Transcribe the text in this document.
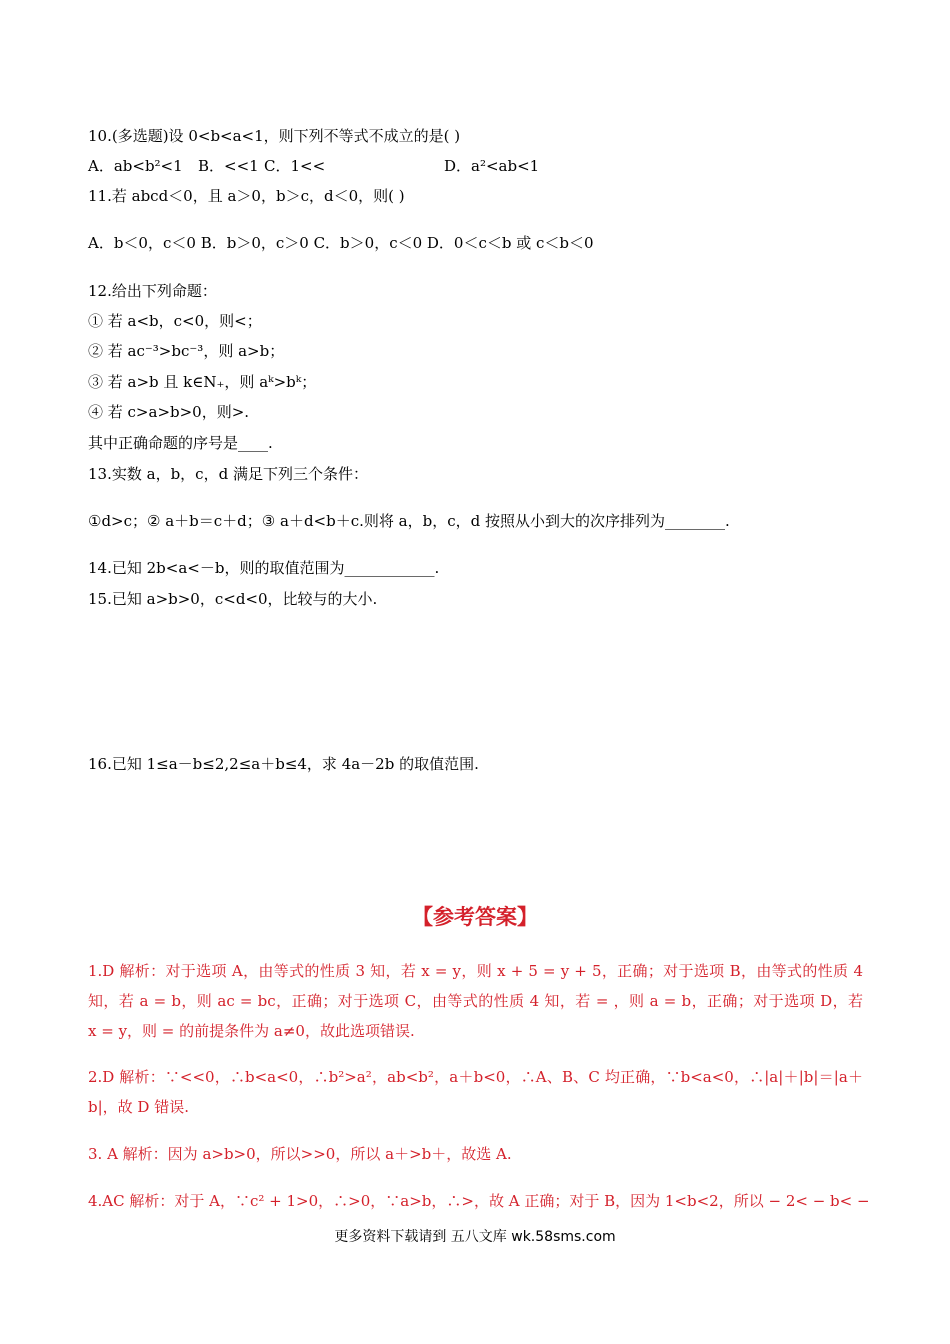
10.(多选题)设 0<b<a<1，则下列不等式不成立的是( )
A．ab<b²<1 B．<<1 C．1<<	D．a²<ab<1
11.若 abcd＜0，且 a＞0，b＞c，d＜0，则( )
A．b＜0，c＜0 B．b＞0，c＞0 C．b＞0，c＜0 D．0＜c＜b 或 c＜b＜0
12.给出下列命题：
① 若 a<b，c<0，则<；
② 若 ac⁻³>bc⁻³，则 a>b；
③ 若 a>b 且 k∈N₊，则 aᵏ>bᵏ；
④ 若 c>a>b>0，则>.
其中正确命题的序号是____.
13.实数 a，b，c，d 满足下列三个条件：
①d>c；② a＋b＝c＋d；③ a＋d<b＋c.则将 a，b，c，d 按照从小到大的次序排列为________.
14.已知 2b<a<－b，则的取值范围为____________.
15.已知 a>b>0，c<d<0，比较与的大小.
16.已知 1≤a－b≤2,2≤a＋b≤4，求 4a－2b 的取值范围.
【参考答案】
1.D 解析：对于选项 A，由等式的性质 3 知，若 x = y，则 x + 5 = y + 5，正确；对于选项 B，由等式的性质 4
知，若 a = b，则 ac = bc，正确；对于选项 C，由等式的性质 4 知，若 = ，则 a = b，正确；对于选项 D，若
x = y，则 = 的前提条件为 a≠0，故此选项错误.
2.D 解析：∵<<0，∴b<a<0，∴b²>a²，ab<b²，a＋b<0，∴A、B、C 均正确，∵b<a<0，∴|a|＋|b|＝|a＋
b|，故 D 错误.
3. A 解析：因为 a>b>0，所以>>0，所以 a＋>b＋，故选 A.
4.AC 解析：对于 A，∵c² + 1>0，∴>0，∵a>b，∴>，故 A 正确；对于 B，因为 1<b<2，所以 − 2< − b< −
更多资料下载请到 五八文库 wk.58sms.com
